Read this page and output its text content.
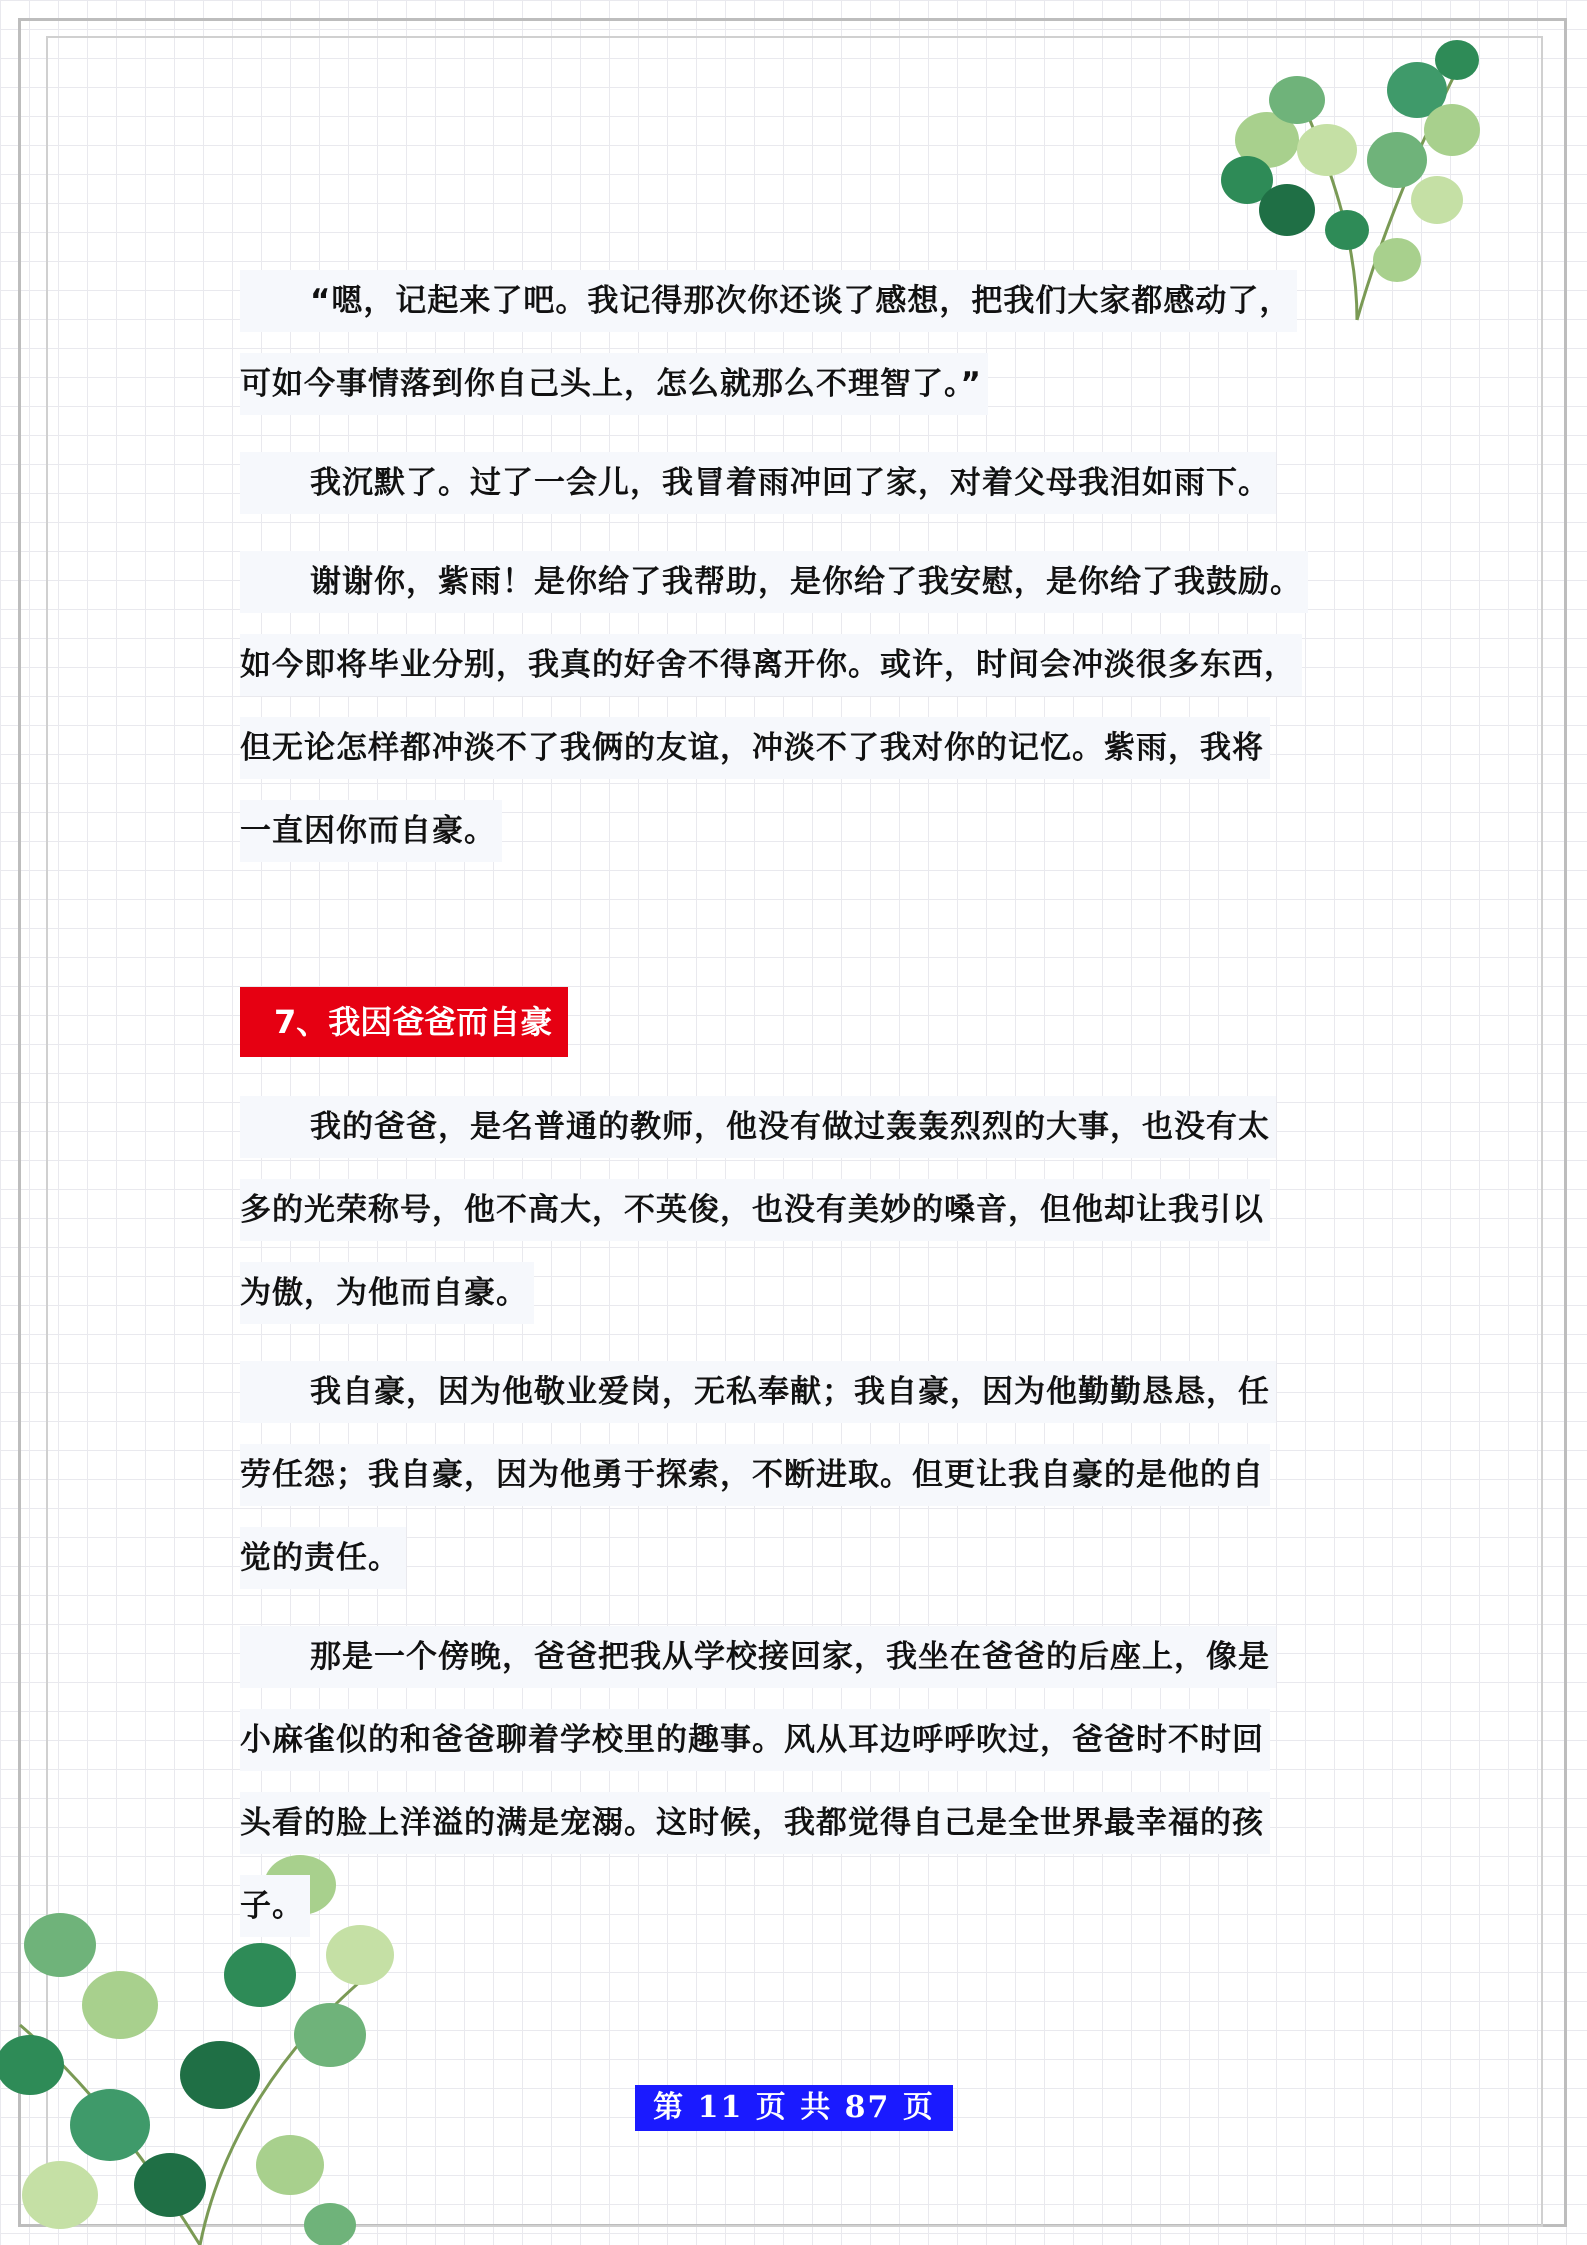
“嗯，记起来了吧。我记得那次你还谈了感想，把我们大家都感动了，
可如今事情落到你自己头上，怎么就那么不理智了。”
我沉默了。过了一会儿，我冒着雨冲回了家，对着父母我泪如雨下。
谢谢你，紫雨！是你给了我帮助，是你给了我安慰，是你给了我鼓励。
如今即将毕业分别，我真的好舍不得离开你。或许，时间会冲淡很多东西，
但无论怎样都冲淡不了我俩的友谊，冲淡不了我对你的记忆。紫雨，我将
一直因你而自豪。
7、我因爸爸而自豪
我的爸爸，是名普通的教师，他没有做过轰轰烈烈的大事，也没有太
多的光荣称号，他不高大，不英俊，也没有美妙的嗓音，但他却让我引以
为傲，为他而自豪。
我自豪，因为他敬业爱岗，无私奉献；我自豪，因为他勤勤恳恳，任
劳任怨；我自豪，因为他勇于探索，不断进取。但更让我自豪的是他的自
觉的责任。
那是一个傍晚，爸爸把我从学校接回家，我坐在爸爸的后座上，像是
小麻雀似的和爸爸聊着学校里的趣事。风从耳边呼呼吹过，爸爸时不时回
头看的脸上洋溢的满是宠溺。这时候，我都觉得自己是全世界最幸福的孩
子。
第 11 页 共 87 页
